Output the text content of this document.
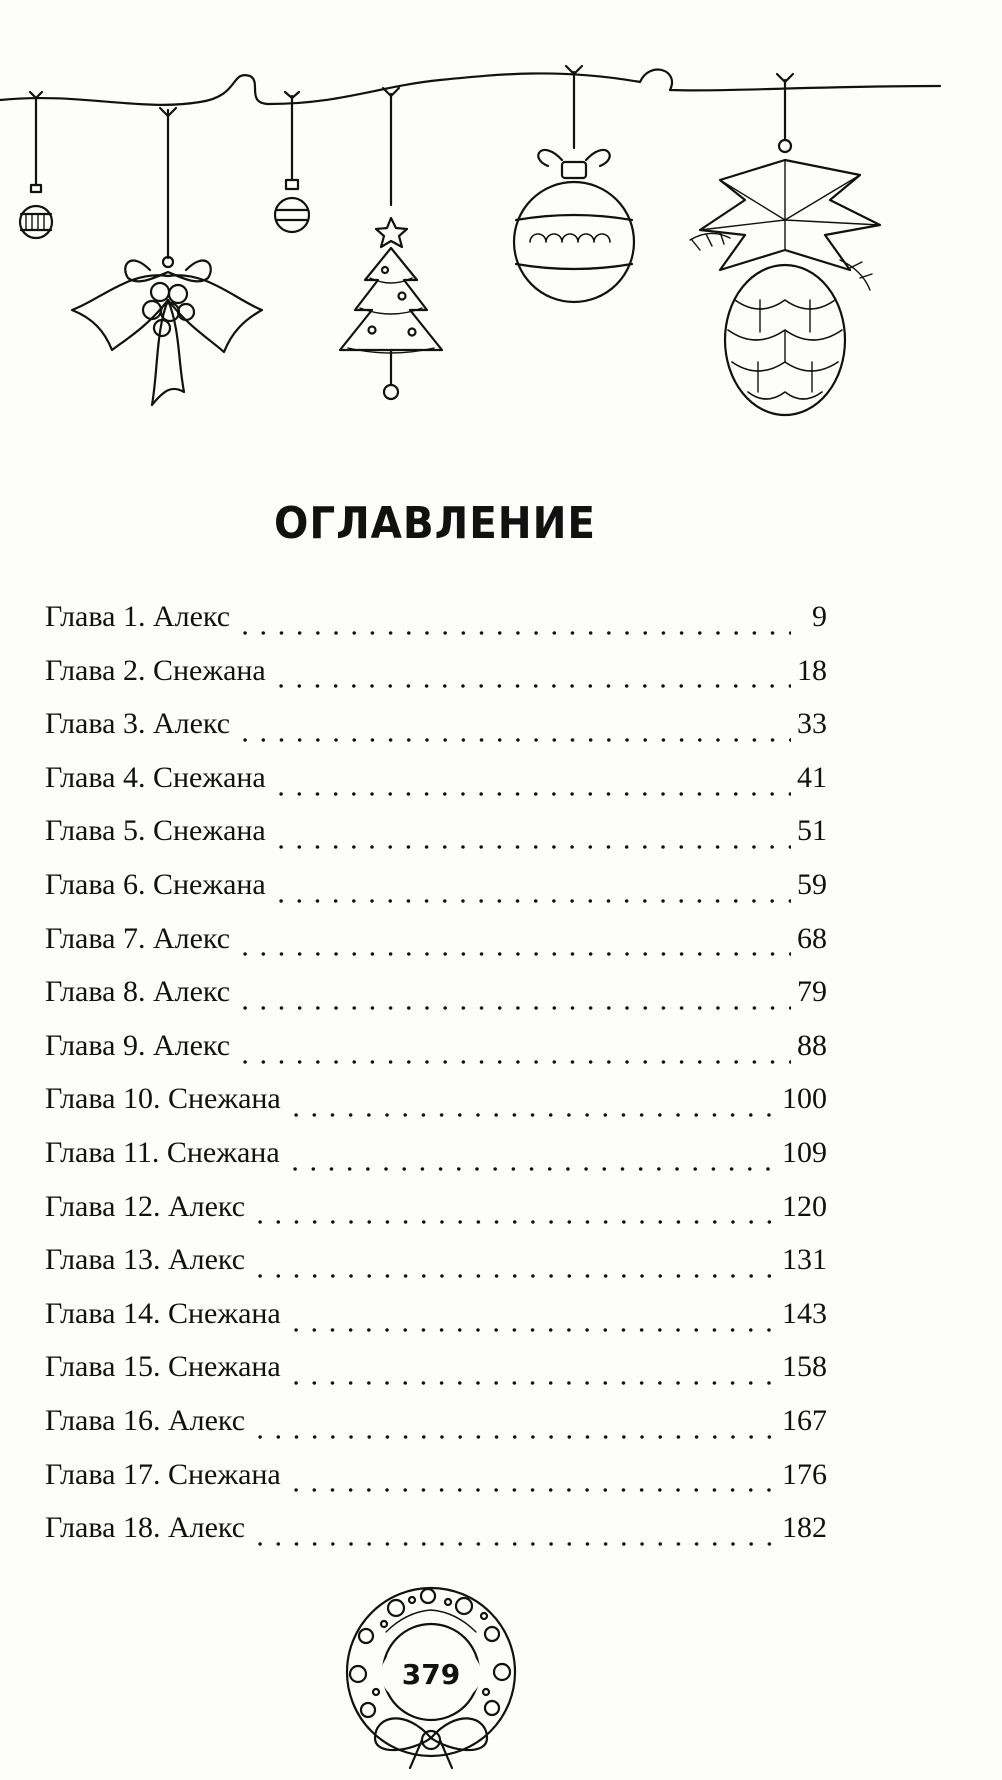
ОГЛАВЛЕНИЕ
Глава 1. Алекс	9
Глава 2. Снежана	18
Глава 3. Алекс	33
Глава 4. Снежана	41
Глава 5. Снежана	51
Глава 6. Снежана	59
Глава 7. Алекс	68
Глава 8. Алекс	79
Глава 9. Алекс	88
Глава 10. Снежана	100
Глава 11. Снежана	109
Глава 12. Алекс	120
Глава 13. Алекс	131
Глава 14. Снежана	143
Глава 15. Снежана	158
Глава 16. Алекс	167
Глава 17. Снежана	176
Глава 18. Алекс	182
379
